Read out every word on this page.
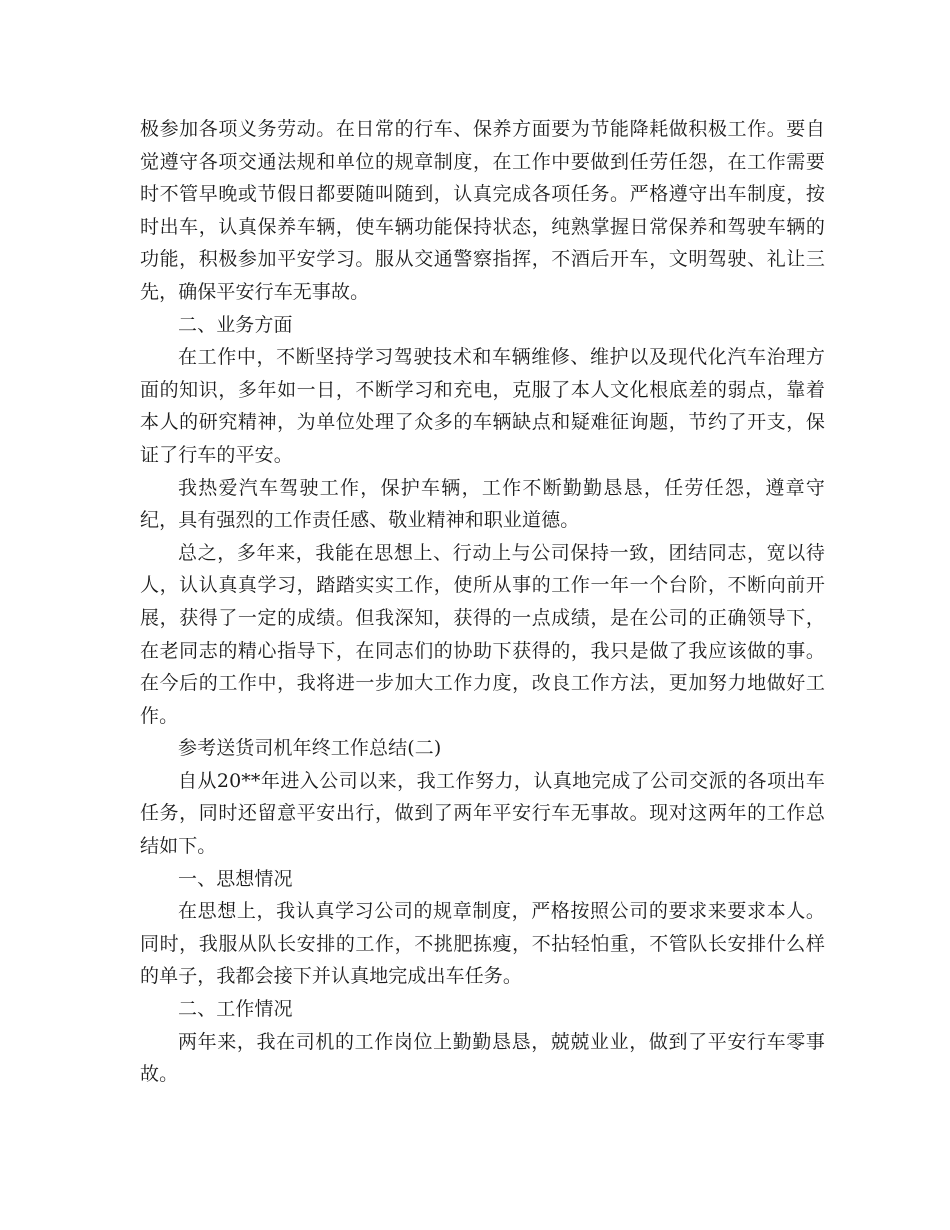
极参加各项义务劳动。在日常的行车、保养方面要为节能降耗做积极工作。要自觉遵守各项交通法规和单位的规章制度，在工作中要做到任劳任怨，在工作需要时不管早晚或节假日都要随叫随到，认真完成各项任务。严格遵守出车制度，按时出车，认真保养车辆，使车辆功能保持状态，纯熟掌握日常保养和驾驶车辆的功能，积极参加平安学习。服从交通警察指挥，不酒后开车，文明驾驶、礼让三先，确保平安行车无事故。

二、业务方面

在工作中，不断坚持学习驾驶技术和车辆维修、维护以及现代化汽车治理方面的知识，多年如一日，不断学习和充电，克服了本人文化根底差的弱点，靠着本人的研究精神，为单位处理了众多的车辆缺点和疑难征询题，节约了开支，保证了行车的平安。

我热爱汽车驾驶工作，保护车辆，工作不断勤勤恳恳，任劳任怨，遵章守纪，具有强烈的工作责任感、敬业精神和职业道德。

总之，多年来，我能在思想上、行动上与公司保持一致，团结同志，宽以待人，认认真真学习，踏踏实实工作，使所从事的工作一年一个台阶，不断向前开展，获得了一定的成绩。但我深知，获得的一点成绩，是在公司的正确领导下，在老同志的精心指导下，在同志们的协助下获得的，我只是做了我应该做的事。在今后的工作中，我将进一步加大工作力度，改良工作方法，更加努力地做好工作。

参考送货司机年终工作总结(二)

自从20**年进入公司以来，我工作努力，认真地完成了公司交派的各项出车任务，同时还留意平安出行，做到了两年平安行车无事故。现对这两年的工作总结如下。

一、思想情况

在思想上，我认真学习公司的规章制度，严格按照公司的要求来要求本人。同时，我服从队长安排的工作，不挑肥拣瘦，不拈轻怕重，不管队长安排什么样的单子，我都会接下并认真地完成出车任务。

二、工作情况

两年来，我在司机的工作岗位上勤勤恳恳，兢兢业业，做到了平安行车零事故。
